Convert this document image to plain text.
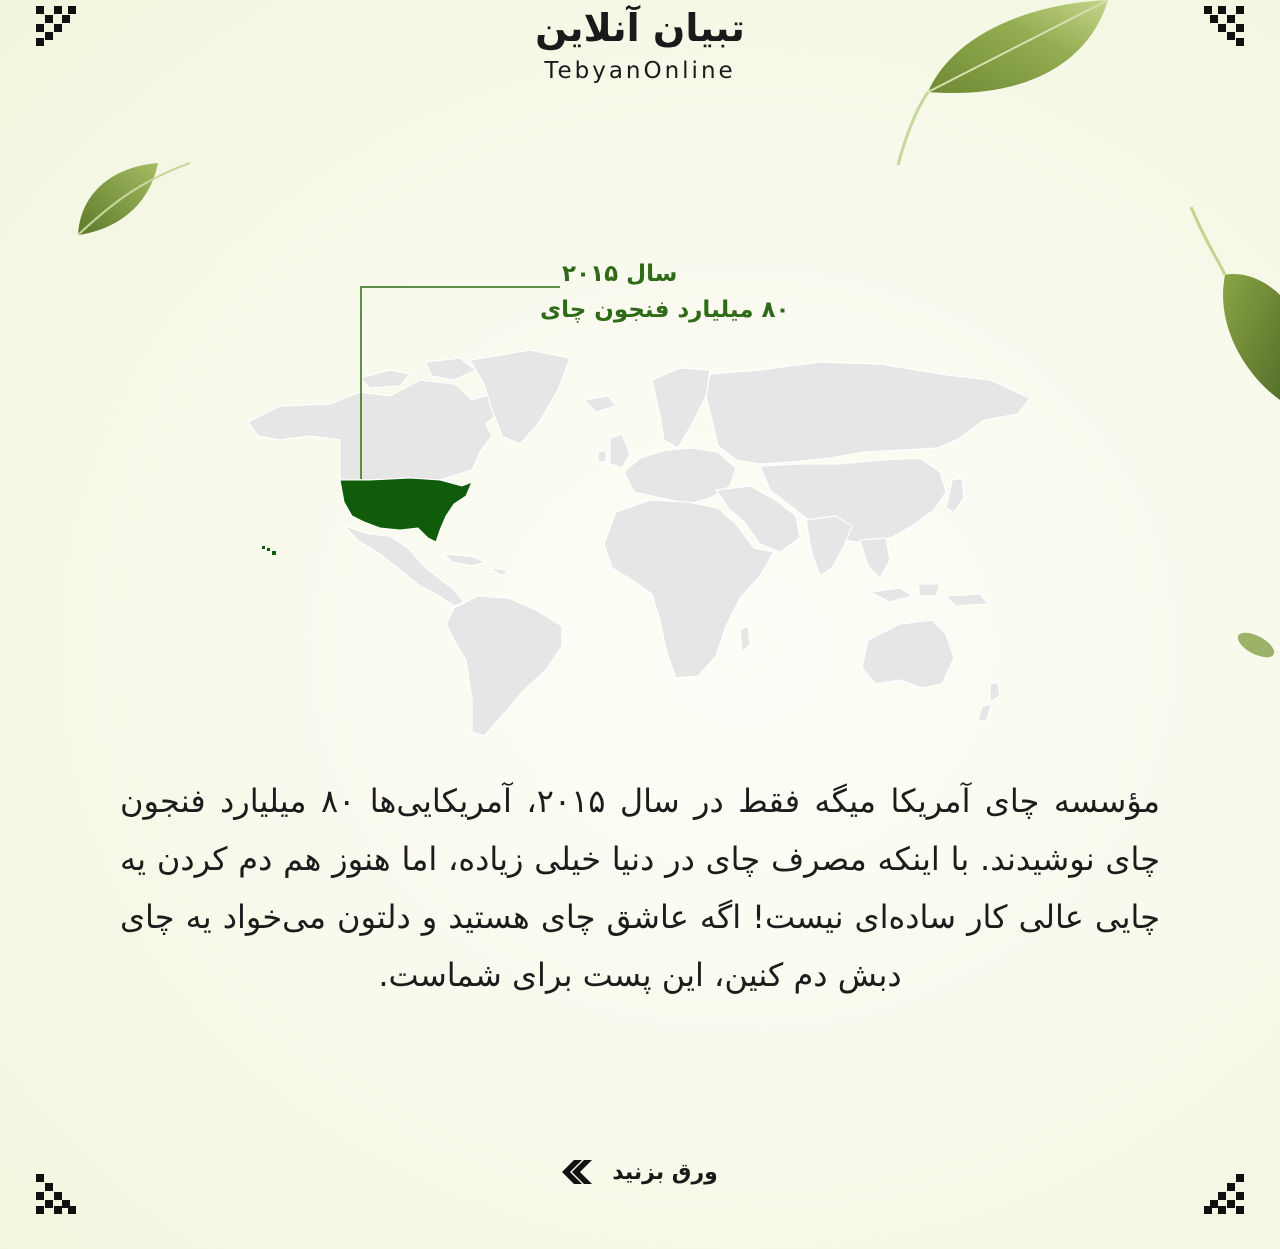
تبیان آنلاین
TebyanOnline
سال ۲۰۱۵
۸۰ میلیارد فنجون چای
مؤسسه چای آمریکا میگه فقط در سال ۲۰۱۵، آمریکایی‌ها ۸۰ میلیارد فنجون چای نوشیدند. با اینکه مصرف چای در دنیا خیلی زیاده، اما هنوز هم دم کردن یه چایی عالی کار ساده‌ای نیست! اگه عاشق چای هستید و دلتون می‌خواد یه چای دبش دم کنین، این پست برای شماست.
ورق بزنید
